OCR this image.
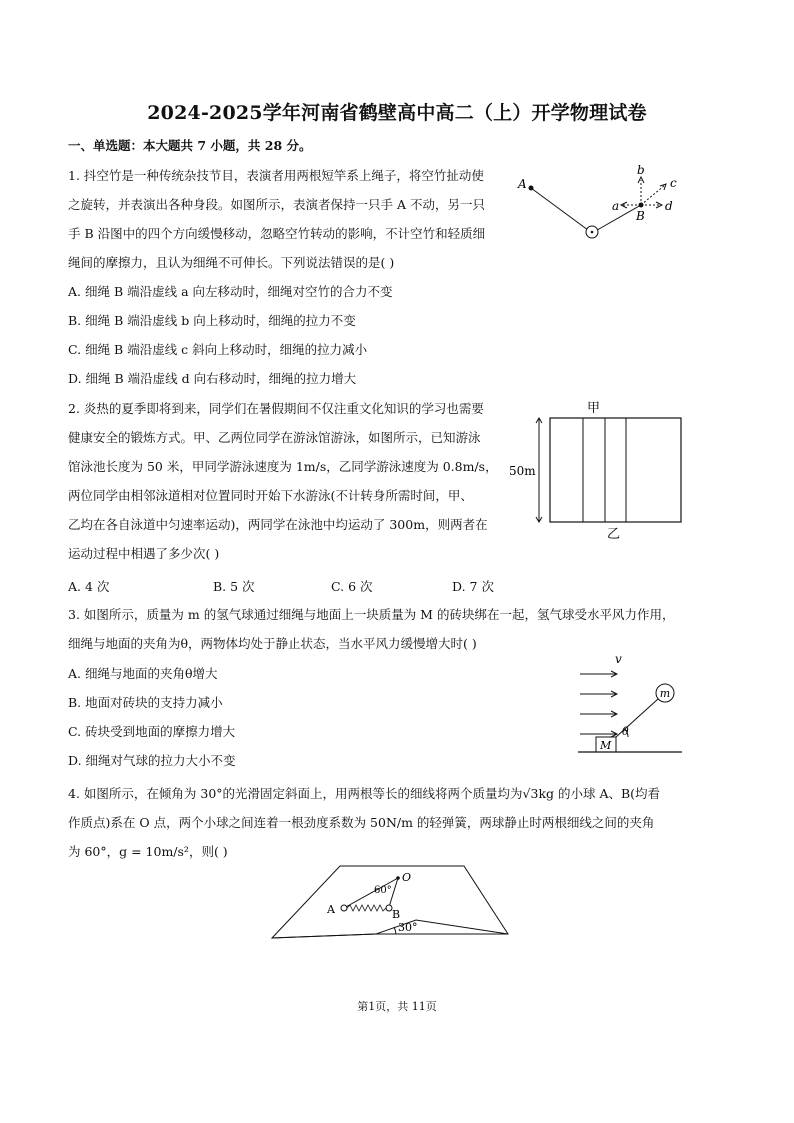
2024-2025学年河南省鹤壁高中高二（上）开学物理试卷
一、单选题：本大题共 7 小题，共 28 分。
1. 抖空竹是一种传统杂技节目，表演者用两根短竿系上绳子，将空竹扯动使
之旋转，并表演出各种身段。如图所示，表演者保持一只手 A 不动，另一只
手 B 沿图中的四个方向缓慢移动，忽略空竹转动的影响，不计空竹和轻质细
绳间的摩擦力，且认为细绳不可伸长。下列说法错误的是( )
A. 细绳 B 端沿虚线 a 向左移动时，细绳对空竹的合力不变
B. 细绳 B 端沿虚线 b 向上移动时，细绳的拉力不变
C. 细绳 B 端沿虚线 c 斜向上移动时，细绳的拉力减小
D. 细绳 B 端沿虚线 d 向右移动时，细绳的拉力增大
A
B
b
c
a	d
2. 炎热的夏季即将到来，同学们在暑假期间不仅注重文化知识的学习也需要
健康安全的锻炼方式。甲、乙两位同学在游泳馆游泳，如图所示，已知游泳
馆泳池长度为 50 米，甲同学游泳速度为 1m/s，乙同学游泳速度为 0.8m/s，
两位同学由相邻泳道相对位置同时开始下水游泳(不计转身所需时间，甲、
乙均在各自泳道中匀速率运动)，两同学在泳池中均运动了 300m，则两者在
运动过程中相遇了多少次( )
A. 4 次	B. 5 次	C. 6 次	D. 7 次
甲
50m
乙
3. 如图所示，质量为 m 的氢气球通过细绳与地面上一块质量为 M 的砖块绑在一起，氢气球受水平风力作用，
细绳与地面的夹角为θ，两物体均处于静止状态，当水平风力缓慢增大时( )
A. 细绳与地面的夹角θ增大
B. 地面对砖块的支持力减小
C. 砖块受到地面的摩擦力增大
D. 细绳对气球的拉力大小不变
v
m
θ
M
4. 如图所示，在倾角为 30°的光滑固定斜面上，用两根等长的细线将两个质量均为√3kg 的小球 A、B(均看
作质点)系在 O 点，两个小球之间连着一根劲度系数为 50N/m 的轻弹簧，两球静止时两根细线之间的夹角
为 60°，g = 10m/s²，则( )
30°
O
60°
A	B
第1页，共 11页
